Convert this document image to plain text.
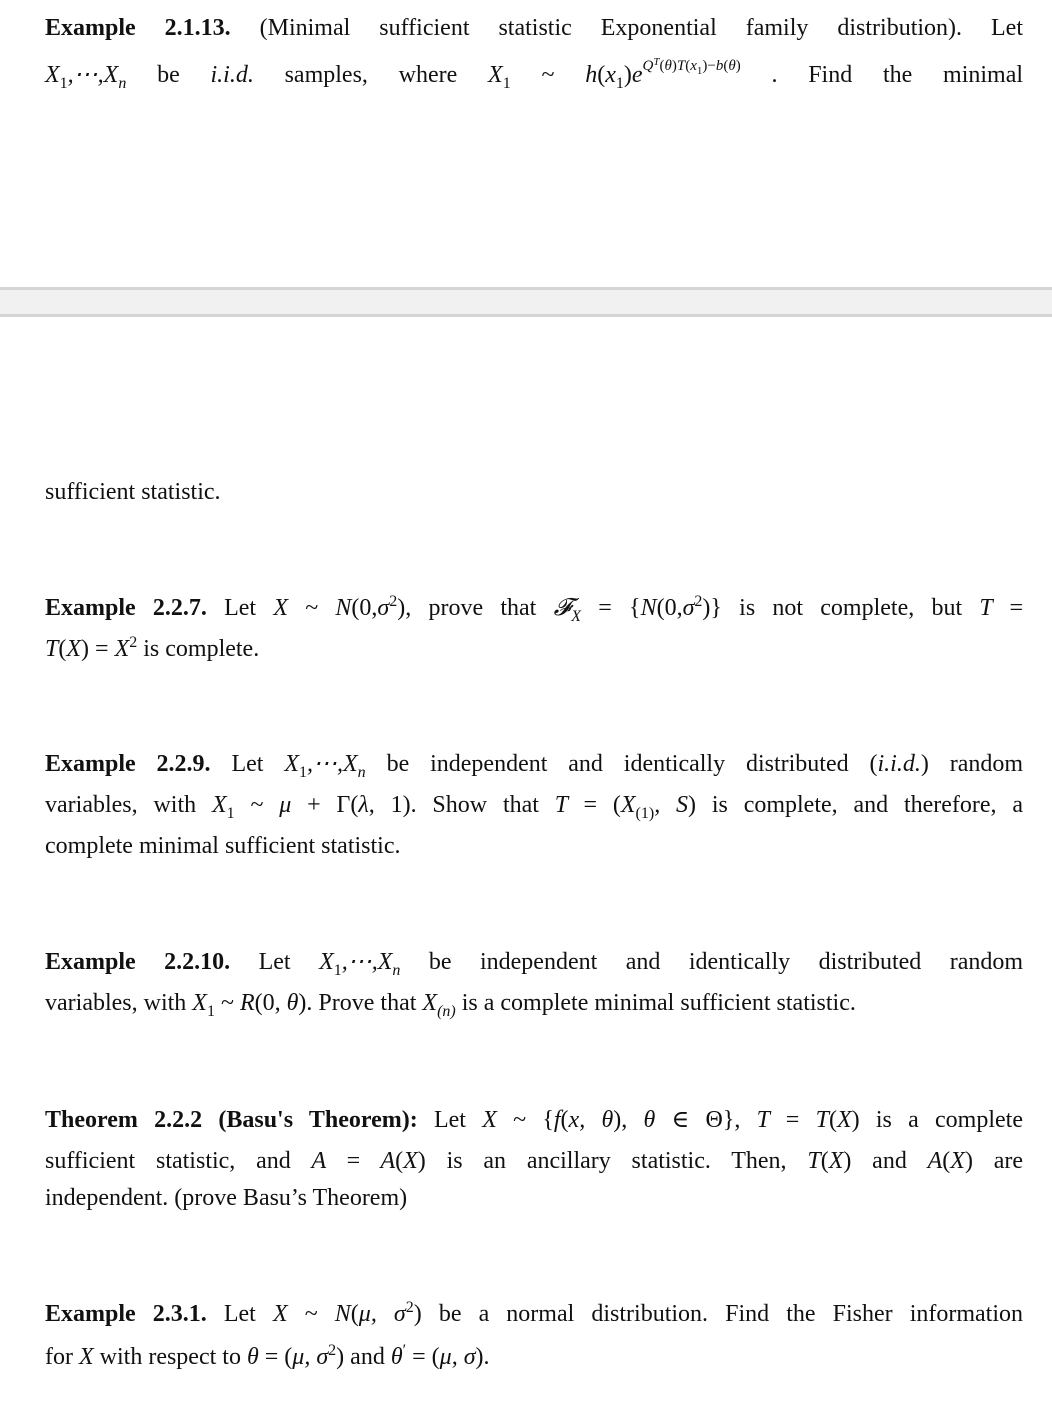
Example 2.1.13. (Minimal sufficient statistic Exponential family distribution). Let
$X_1,\cdots,X_n$ be i.i.d. samples, where $X_1$ ~ $h(x_1)e^{Q^T(\theta)T(x_1)-b(\theta)}$ . Find the minimal
sufficient statistic.
Example 2.2.7. Let X ~ $N(0,\sigma^2)$, prove that 𝓕$_X$ = $\{N(0,\sigma^2)\}$ is not complete, but T =
$T(X) = X^2$ is complete.
Example 2.2.9. Let $X_1,\cdots,X_n$ be independent and identically distributed (i.i.d.) random
variables, with $X_1$ ~ μ + Γ(λ, 1). Show that $T = (X_{(1)}$, S) is complete, and therefore, a
complete minimal sufficient statistic.
Example 2.2.10. Let $X_1,\cdots,X_n$ be independent and identically distributed random
variables, with $X_1$ ~ R(0, θ). Prove that $X_{(n)}$ is a complete minimal sufficient statistic.
Theorem 2.2.2 (Basu's Theorem): Let X ~ {f(x, θ), θ ∈ Θ}, T = T(X) is a complete
sufficient statistic, and A = A(X) is an ancillary statistic. Then, T(X) and A(X) are
independent. (prove Basu’s Theorem)
Example 2.3.1. Let X ~ N(μ, $\sigma^2$) be a normal distribution. Find the Fisher information
for X with respect to θ = (μ, $\sigma^2$) and θ′ = (μ, σ).
